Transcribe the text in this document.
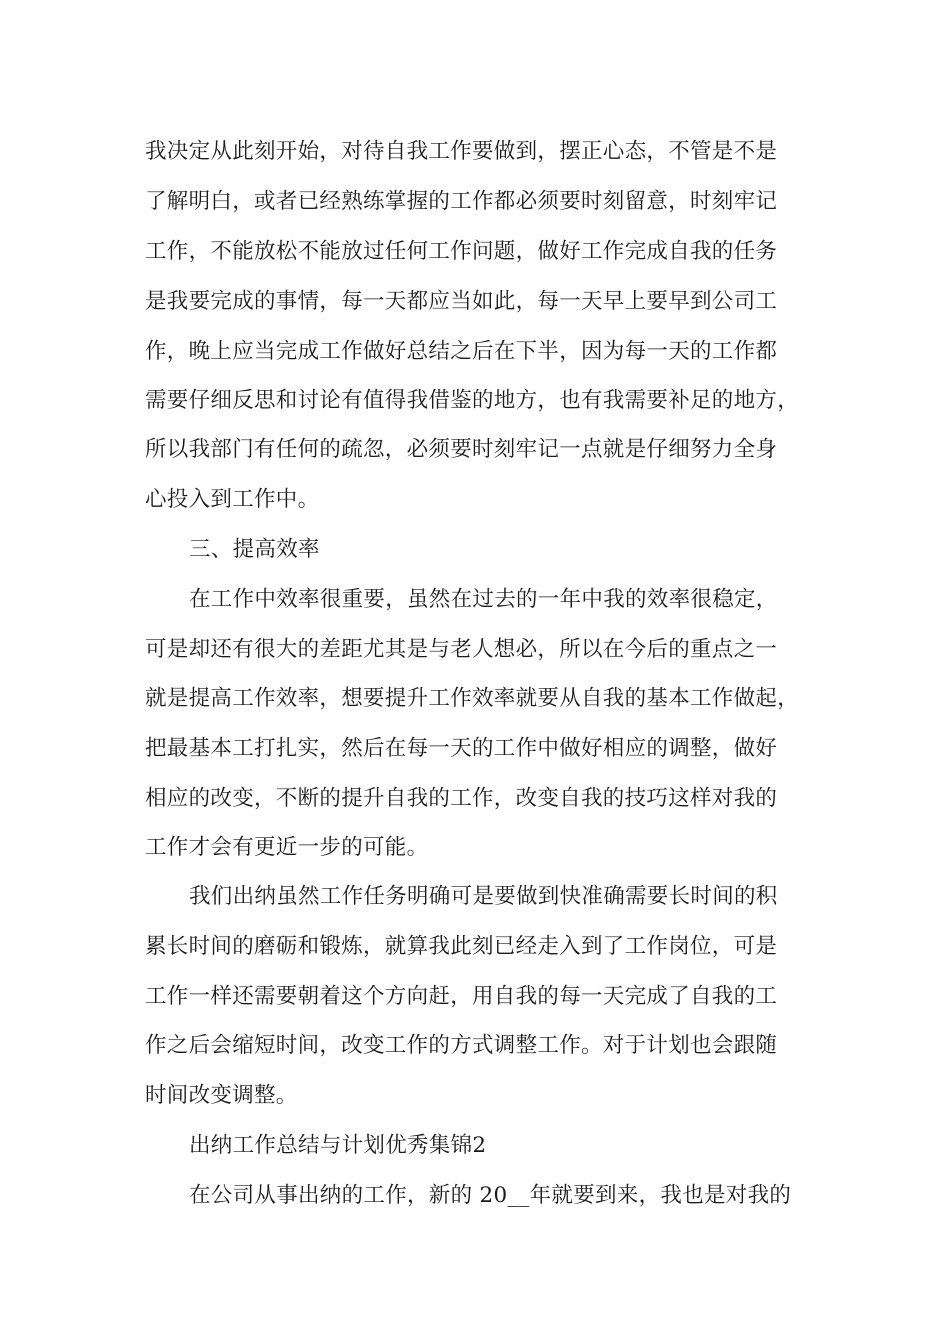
我决定从此刻开始，对待自我工作要做到，摆正心态，不管是不是
了解明白，或者已经熟练掌握的工作都必须要时刻留意，时刻牢记
工作，不能放松不能放过任何工作问题，做好工作完成自我的任务
是我要完成的事情，每一天都应当如此，每一天早上要早到公司工
作，晚上应当完成工作做好总结之后在下半，因为每一天的工作都
需要仔细反思和讨论有值得我借鉴的地方，也有我需要补足的地方，
所以我部门有任何的疏忽，必须要时刻牢记一点就是仔细努力全身
心投入到工作中。
三、提高效率
在工作中效率很重要，虽然在过去的一年中我的效率很稳定，
可是却还有很大的差距尤其是与老人想必，所以在今后的重点之一
就是提高工作效率，想要提升工作效率就要从自我的基本工作做起，
把最基本工打扎实，然后在每一天的工作中做好相应的调整，做好
相应的改变，不断的提升自我的工作，改变自我的技巧这样对我的
工作才会有更近一步的可能。
我们出纳虽然工作任务明确可是要做到快准确需要长时间的积
累长时间的磨砺和锻炼，就算我此刻已经走入到了工作岗位，可是
工作一样还需要朝着这个方向赶，用自我的每一天完成了自我的工
作之后会缩短时间，改变工作的方式调整工作。对于计划也会跟随
时间改变调整。
出纳工作总结与计划优秀集锦2
在公司从事出纳的工作，新的 20__年就要到来，我也是对我的
